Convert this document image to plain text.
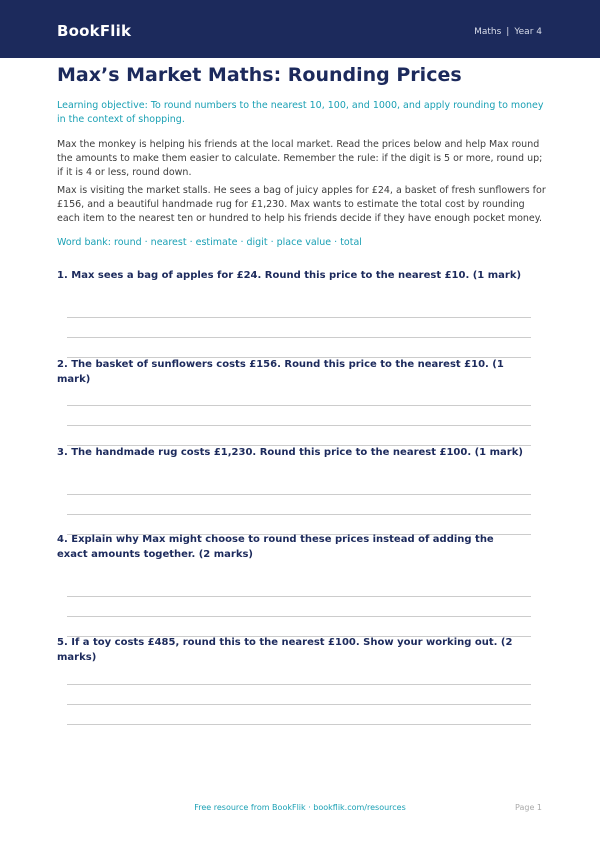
BookFlik	Maths | Year 4
Max’s Market Maths: Rounding Prices
Learning objective: To round numbers to the nearest 10, 100, and 1000, and apply rounding to money in the context of shopping.
Max the monkey is helping his friends at the local market. Read the prices below and help Max round the amounts to make them easier to calculate. Remember the rule: if the digit is 5 or more, round up; if it is 4 or less, round down.
Max is visiting the market stalls. He sees a bag of juicy apples for £24, a basket of fresh sunflowers for £156, and a beautiful handmade rug for £1,230. Max wants to estimate the total cost by rounding each item to the nearest ten or hundred to help his friends decide if they have enough pocket money.
Word bank: round · nearest · estimate · digit · place value · total
1. Max sees a bag of apples for £24. Round this price to the nearest £10. (1 mark)
2. The basket of sunflowers costs £156. Round this price to the nearest £10. (1 mark)
3. The handmade rug costs £1,230. Round this price to the nearest £100. (1 mark)
4. Explain why Max might choose to round these prices instead of adding the exact amounts together. (2 marks)
5. If a toy costs £485, round this to the nearest £100. Show your working out. (2 marks)
Free resource from BookFlik · bookflik.com/resources	Page 1
